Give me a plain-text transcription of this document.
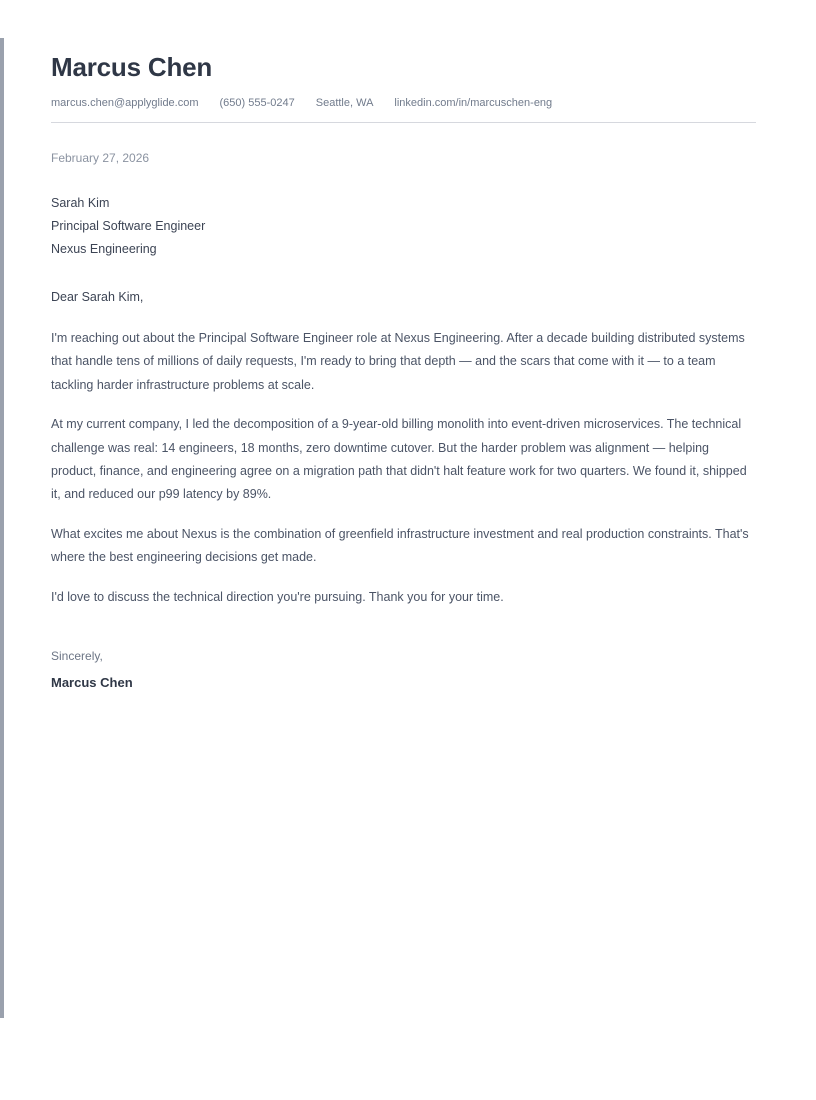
Marcus Chen
marcus.chen@applyglide.com (650) 555-0247 Seattle, WA linkedin.com/in/marcuschen-eng
February 27, 2026
Sarah Kim
Principal Software Engineer
Nexus Engineering
Dear Sarah Kim,

I'm reaching out about the Principal Software Engineer role at Nexus Engineering. After a decade building distributed systems that handle tens of millions of daily requests, I'm ready to bring that depth — and the scars that come with it — to a team tackling harder infrastructure problems at scale.

At my current company, I led the decomposition of a 9-year-old billing monolith into event-driven microservices. The technical challenge was real: 14 engineers, 18 months, zero downtime cutover. But the harder problem was alignment — helping product, finance, and engineering agree on a migration path that didn't halt feature work for two quarters. We found it, shipped it, and reduced our p99 latency by 89%.

What excites me about Nexus is the combination of greenfield infrastructure investment and real production constraints. That's where the best engineering decisions get made.

I'd love to discuss the technical direction you're pursuing. Thank you for your time.

Sincerely,
Marcus Chen
